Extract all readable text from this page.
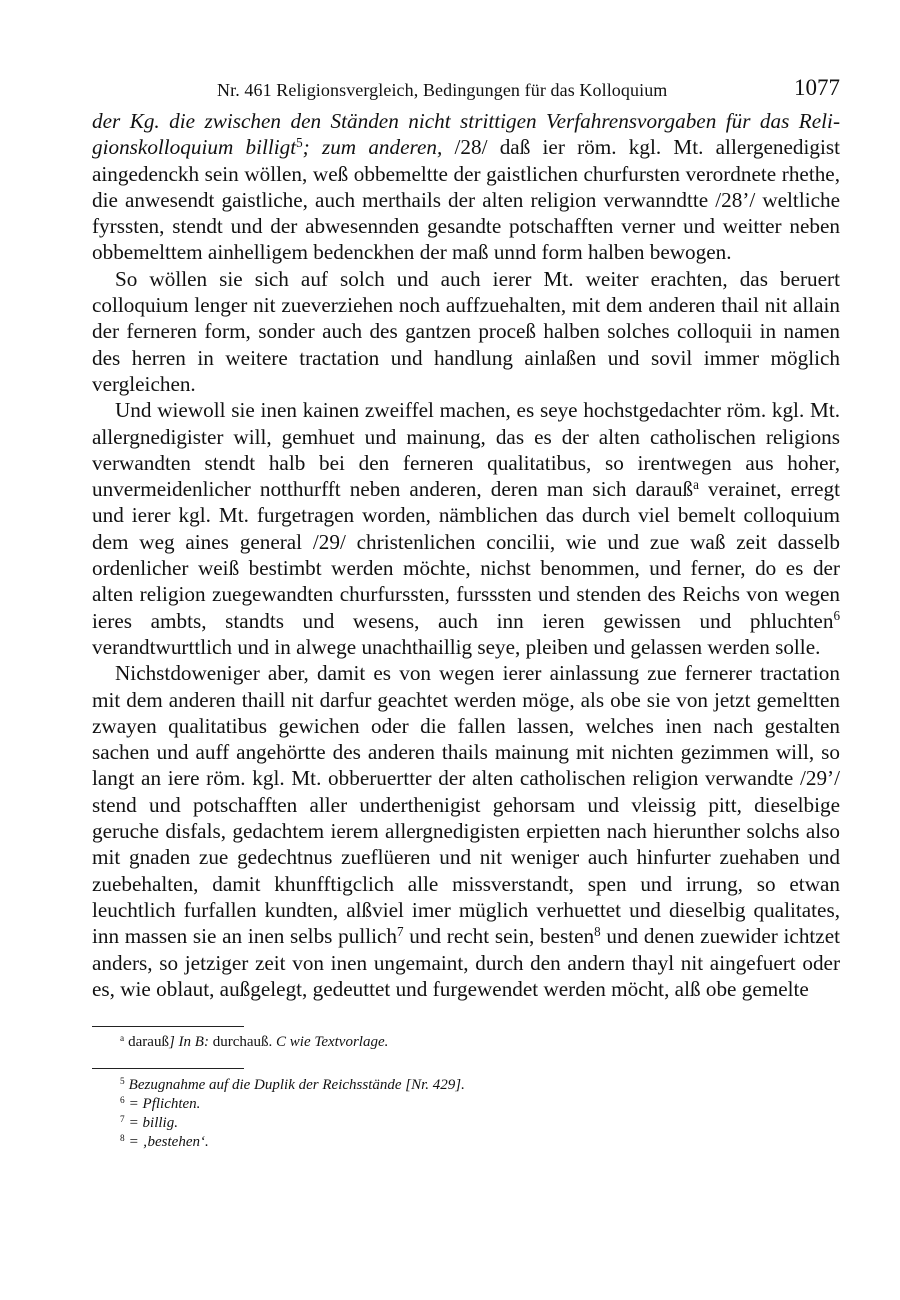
Nr. 461 Religionsvergleich, Bedingungen für das Kolloquium	1077

der Kg. die zwischen den Ständen nicht strittigen Verfahrensvorgaben für das Religionskolloquium billigt$^5$; zum anderen, /28/ daß ier röm. kgl. Mt. allergenedigist aingedenckh sein wöllen, weß obbemeltte der gaistlichen churfursten verordnete rhethe, die anwesendt gaistliche, auch merthails der alten religion verwanndtte /28’/ weltliche fyrssten, stendt und der abwesennden gesandte potschafften verner und weitter neben obbemelttem ainhelligem bedenckhen der maß unnd form halben bewogen.

So wöllen sie sich auf solch und auch ierer Mt. weiter erachten, das beruert colloquium lenger nit zueverziehen noch auffzuehalten, mit dem anderen thail nit allain der ferneren form, sonder auch des gantzen proceß halben solches colloquii in namen des herren in weitere tractation und handlung ainlaßen und sovil immer möglich vergleichen.

Und wiewoll sie inen kainen zweiffel machen, es seye hochstgedachter röm. kgl. Mt. allergnedigister will, gemhuet und mainung, das es der alten catholischen religions verwandten stendt halb bei den ferneren qualitatibus, so irentwegen aus hoher, unvermeidenlicher notthurfft neben anderen, deren man sich darauß$^a$ verainet, erregt und ierer kgl. Mt. furgetragen worden, nämblichen das durch viel bemelt colloquium dem weg aines general /29/ christenlichen concilii, wie und zue waß zeit dasselb ordenlicher weiß bestimbt werden möchte, nichst benommen, und ferner, do es der alten religion zuegewandten churfurssten, fursssten und stenden des Reichs von wegen ieres ambts, standts und wesens, auch inn ieren gewissen und phluchten$^6$ verandtwurttlich und in alwege unachthaillig seye, pleiben und gelassen werden solle.

Nichstdoweniger aber, damit es von wegen ierer ainlassung zue fernerer tractation mit dem anderen thaill nit darfur geachtet werden möge, als obe sie von jetzt gemeltten zwayen qualitatibus gewichen oder die fallen lassen, welches inen nach gestalten sachen und auff angehörtte des anderen thails mainung mit nichten gezimmen will, so langt an iere röm. kgl. Mt. obberuertter der alten catholischen religion verwandte /29’/ stend und potschafften aller underthenigist gehorsam und vleissig pitt, dieselbige geruche disfals, gedachtem ierem allergnedigisten erpietten nach hierunther solchs also mit gnaden zue gedechtnus zueflüeren und nit weniger auch hinfurter zuehaben und zuebehalten, damit khunfftigclich alle missverstandt, spen und irrung, so etwan leuchtlich furfallen kundten, alßviel imer müglich verhuettet und dieselbig qualitates, inn massen sie an inen selbs pullich$^7$ und recht sein, besten$^8$ und denen zuewider ichtzet anders, so jetziger zeit von inen ungemaint, durch den andern thayl nit aingefuert oder es, wie oblaut, außgelegt, gedeuttet und furgewendet werden möcht, alß obe gemelte

$^a$ darauß] In B: durchauß. C wie Textvorlage.
$^5$ Bezugnahme auf die Duplik der Reichsstände [Nr. 429].
$^6$ = Pflichten.
$^7$ = billig.
$^8$ = ‚bestehen‘.
